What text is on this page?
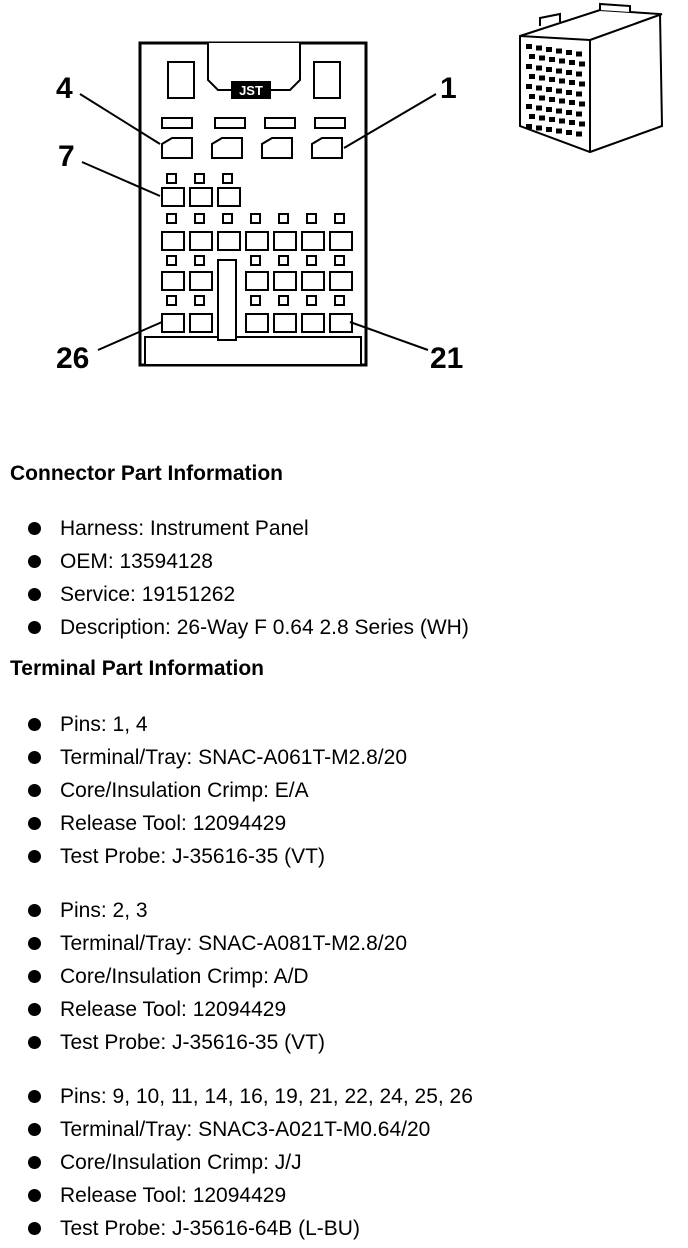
JST
4	1
7
26	21
Connector Part Information
Harness: Instrument Panel
OEM: 13594128
Service: 19151262
Description: 26-Way F 0.64 2.8 Series (WH)
Terminal Part Information
Pins: 1, 4
Terminal/Tray: SNAC-A061T-M2.8/20
Core/Insulation Crimp: E/A
Release Tool: 12094429
Test Probe: J-35616-35 (VT)
Pins: 2, 3
Terminal/Tray: SNAC-A081T-M2.8/20
Core/Insulation Crimp: A/D
Release Tool: 12094429
Test Probe: J-35616-35 (VT)
Pins: 9, 10, 11, 14, 16, 19, 21, 22, 24, 25, 26
Terminal/Tray: SNAC3-A021T-M0.64/20
Core/Insulation Crimp: J/J
Release Tool: 12094429
Test Probe: J-35616-64B (L-BU)
